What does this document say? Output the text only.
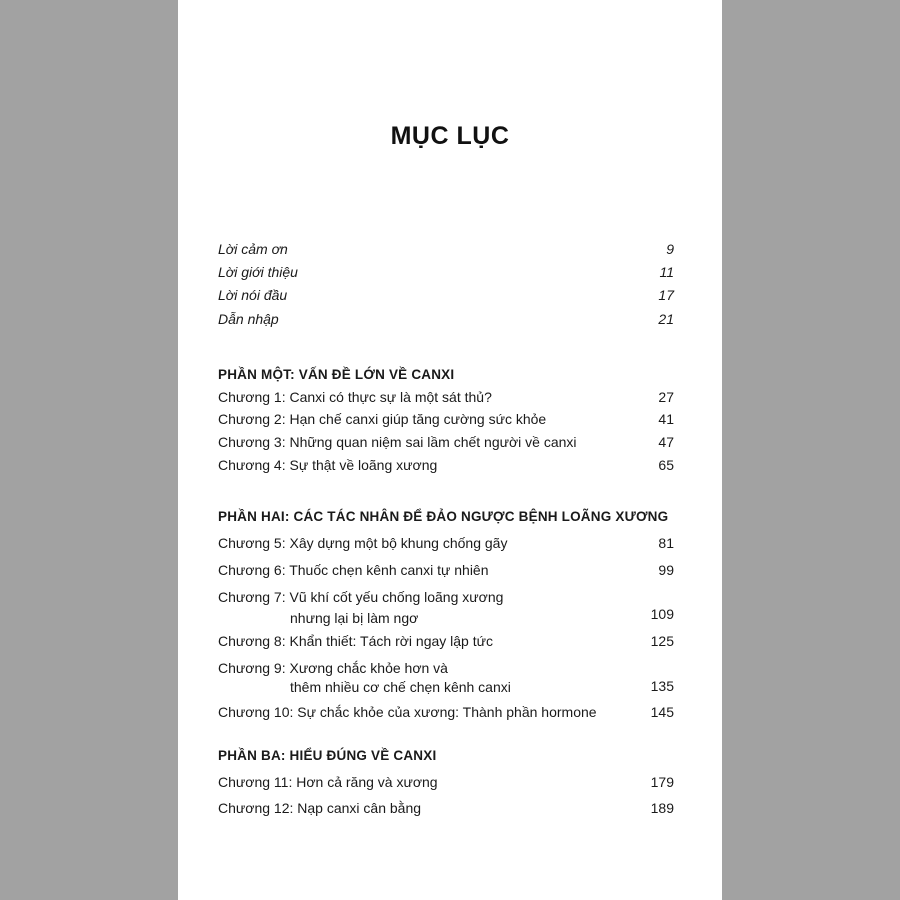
MỤC LỤC
Lời cảm ơn	9
Lời giới thiệu	11
Lời nói đầu	17
Dẫn nhập	21
PHẦN MỘT: VẤN ĐỀ LỚN VỀ CANXI
Chương 1: Canxi có thực sự là một sát thủ?	27
Chương 2: Hạn chế canxi giúp tăng cường sức khỏe	41
Chương 3: Những quan niệm sai lầm chết người về canxi	47
Chương 4: Sự thật về loãng xương	65
PHẦN HAI: CÁC TÁC NHÂN ĐỂ ĐẢO NGƯỢC BỆNH LOÃNG XƯƠNG
Chương 5: Xây dựng một bộ khung chống gãy	81
Chương 6: Thuốc chẹn kênh canxi tự nhiên	99
Chương 7: Vũ khí cốt yếu chống loãng xương
nhưng lại bị làm ngơ	109
Chương 8: Khẩn thiết: Tách rời ngay lập tức	125
Chương 9: Xương chắc khỏe hơn và
thêm nhiều cơ chế chẹn kênh canxi	135
Chương 10: Sự chắc khỏe của xương: Thành phần hormone	145
PHẦN BA: HIỂU ĐÚNG VỀ CANXI
Chương 11: Hơn cả răng và xương	179
Chương 12: Nạp canxi cân bằng	189
